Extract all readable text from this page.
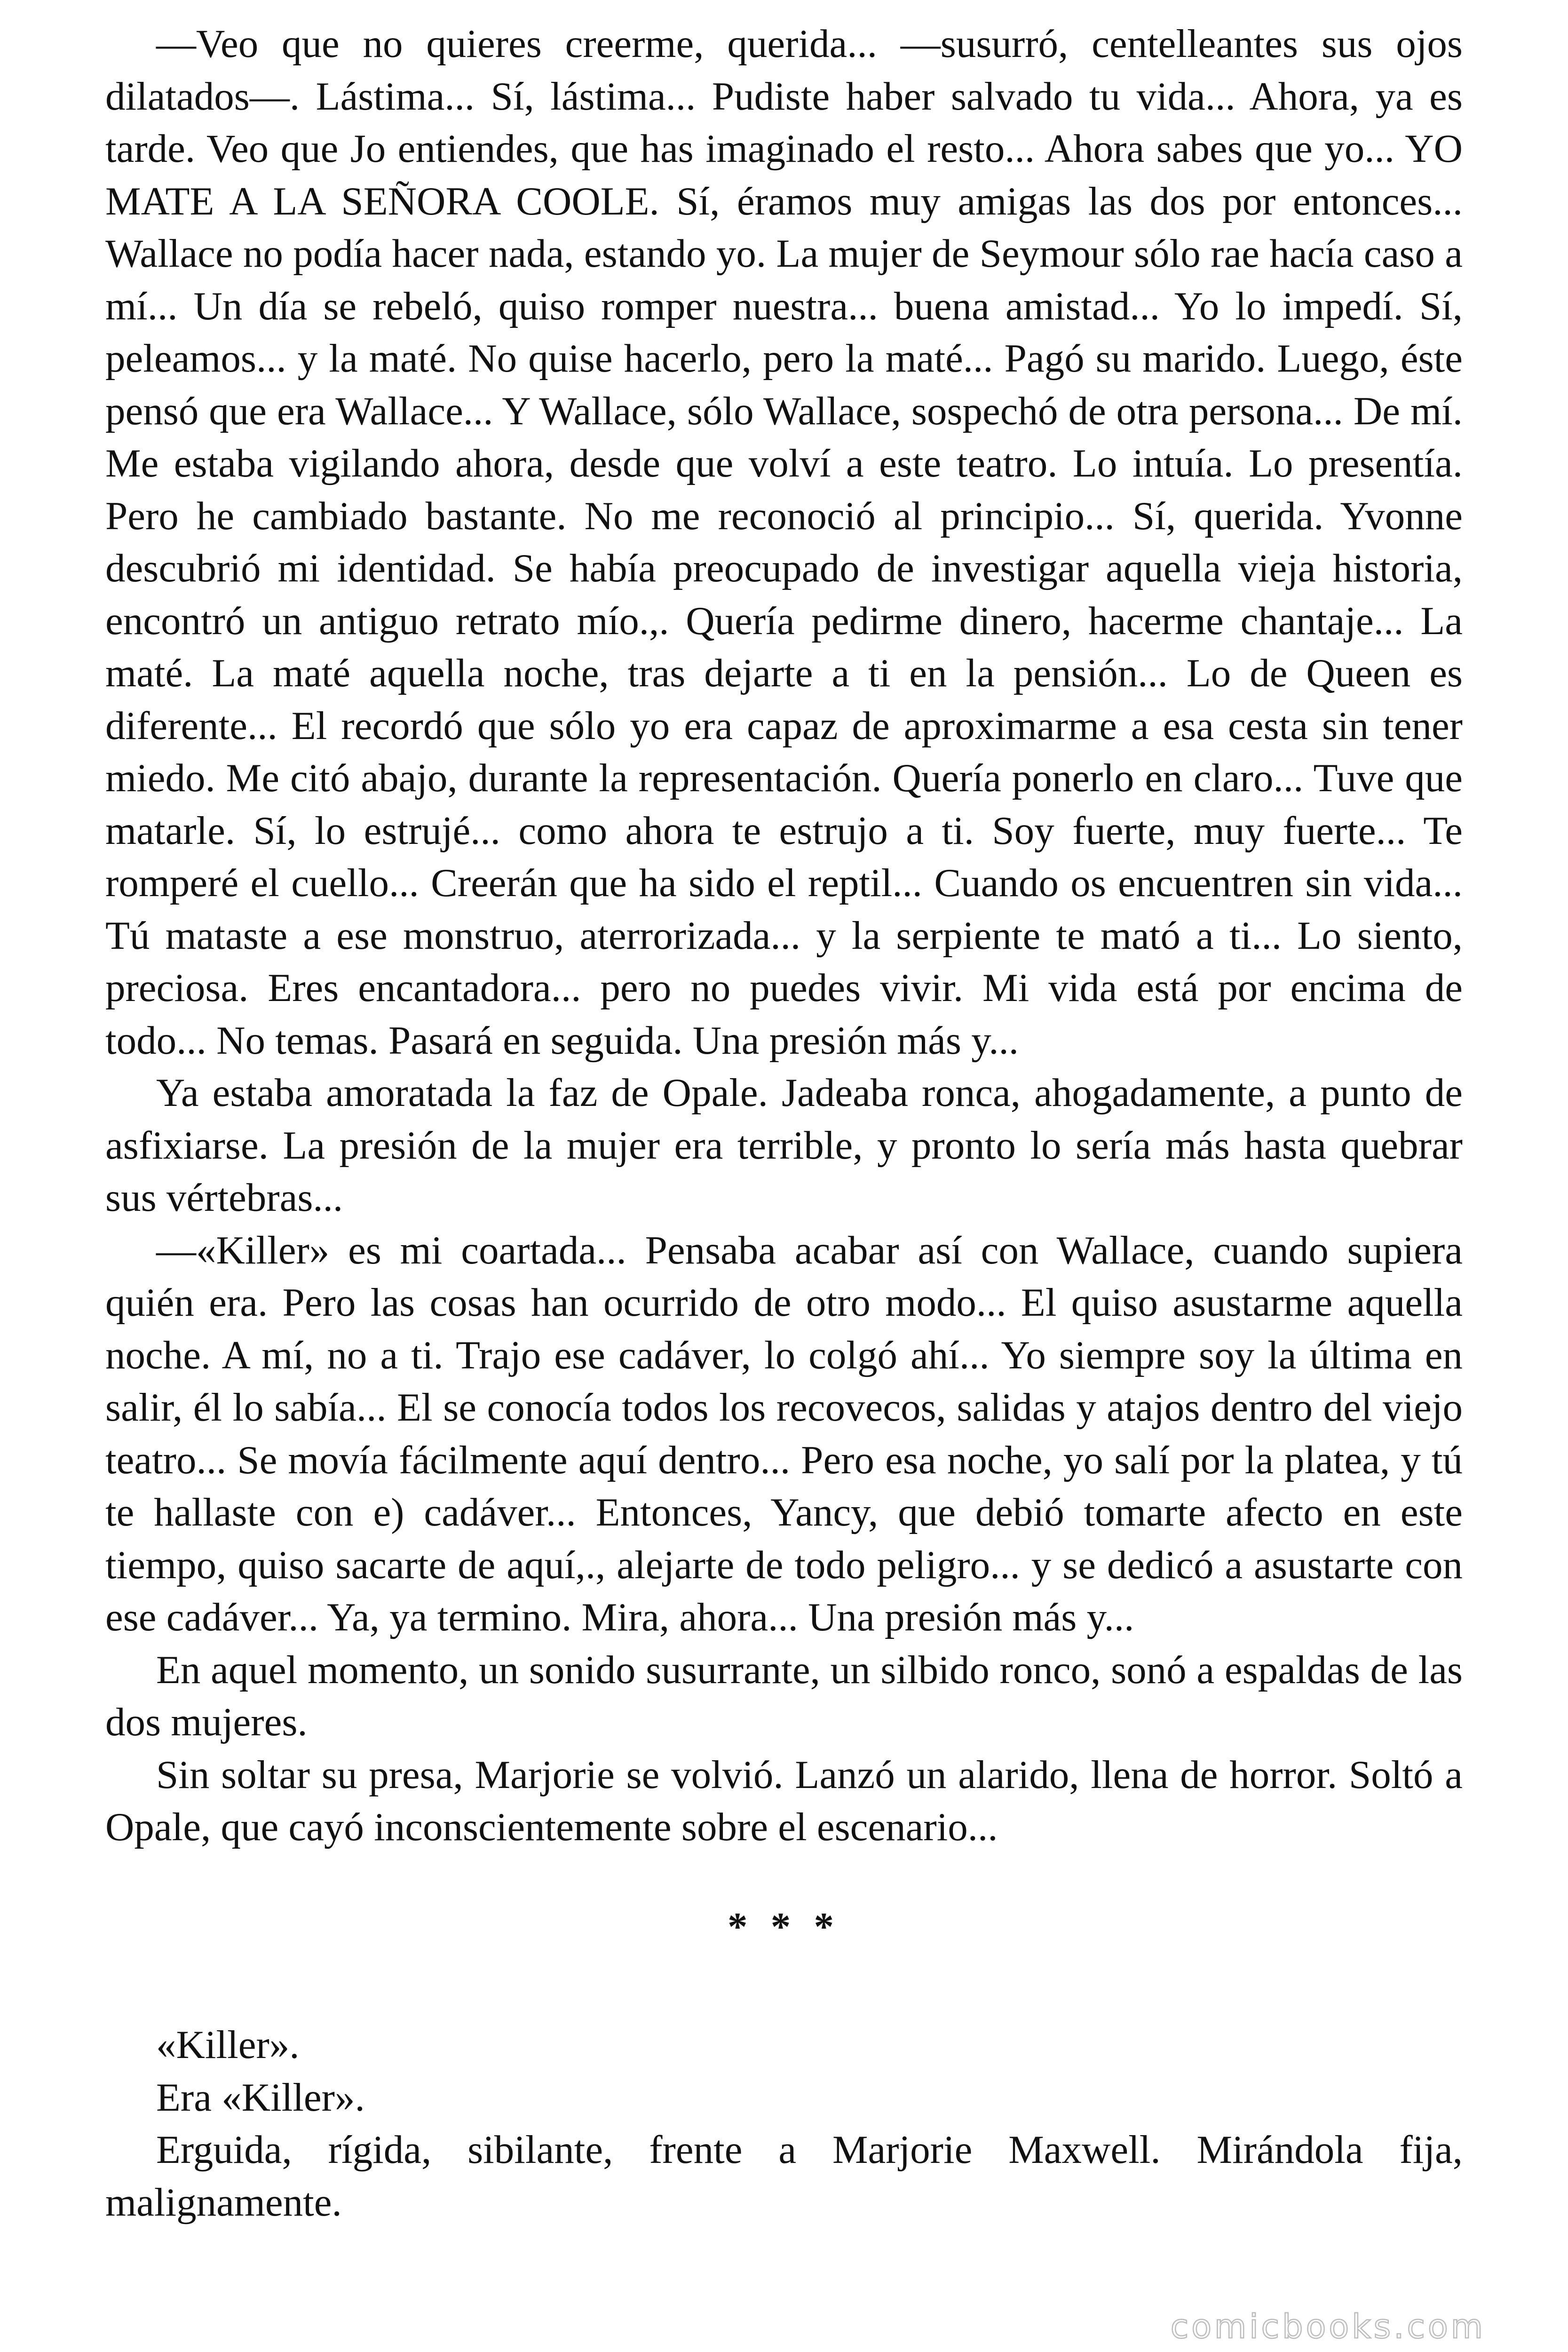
—Veo que no quieres creerme, querida... —susurró, centelleantes sus ojos dilatados—. Lástima... Sí, lástima... Pudiste haber salvado tu vida... Ahora, ya es tarde. Veo que Jo entiendes, que has imaginado el resto... Ahora sabes que yo... YO MATE A LA SEÑORA COOLE. Sí, éramos muy amigas las dos por entonces... Wallace no podía hacer nada, estando yo. La mujer de Seymour sólo rae hacía caso a mí... Un día se rebeló, quiso romper nuestra... buena amistad... Yo lo impedí. Sí, peleamos... y la maté. No quise hacerlo, pero la maté... Pagó su marido. Luego, éste pensó que era Wallace... Y Wallace, sólo Wallace, sospechó de otra persona... De mí. Me estaba vigilando ahora, desde que volví a este teatro. Lo intuía. Lo presentía. Pero he cambiado bastante. No me reconoció al principio... Sí, querida. Yvonne descubrió mi identidad. Se había preocupado de investigar aquella vieja historia, encontró un antiguo retrato mío.,. Quería pedirme dinero, hacerme chantaje... La maté. La maté aquella noche, tras dejarte a ti en la pensión... Lo de Queen es diferente... El recordó que sólo yo era capaz de aproximarme a esa cesta sin tener miedo. Me citó abajo, durante la representación. Quería ponerlo en claro... Tuve que matarle. Sí, lo estrujé... como ahora te estrujo a ti. Soy fuerte, muy fuerte... Te romperé el cuello... Creerán que ha sido el reptil... Cuando os encuentren sin vida... Tú mataste a ese monstruo, aterrorizada... y la serpiente te mató a ti... Lo siento, preciosa. Eres encantadora... pero no puedes vivir. Mi vida está por encima de todo... No temas. Pasará en seguida. Una presión más y...

Ya estaba amoratada la faz de Opale. Jadeaba ronca, ahogadamente, a punto de asfixiarse. La presión de la mujer era terrible, y pronto lo sería más hasta quebrar sus vértebras...

—«Killer» es mi coartada... Pensaba acabar así con Wallace, cuando supiera quién era. Pero las cosas han ocurrido de otro modo... El quiso asustarme aquella noche. A mí, no a ti. Trajo ese cadáver, lo colgó ahí... Yo siempre soy la última en salir, él lo sabía... El se conocía todos los recovecos, salidas y atajos dentro del viejo teatro... Se movía fácilmente aquí dentro... Pero esa noche, yo salí por la platea, y tú te hallaste con e) cadáver... Entonces, Yancy, que debió tomarte afecto en este tiempo, quiso sacarte de aquí,., alejarte de todo peligro... y se dedicó a asustarte con ese cadáver... Ya, ya termino. Mira, ahora... Una presión más y...

En aquel momento, un sonido susurrante, un silbido ronco, sonó a espaldas de las dos mujeres.

Sin soltar su presa, Marjorie se volvió. Lanzó un alarido, llena de horror. Soltó a Opale, que cayó inconscientemente sobre el escenario...

* * *

«Killer».

Era «Killer».

Erguida, rígida, sibilante, frente a Marjorie Maxwell. Mirándola fija, malignamente.

comicbooks.com
